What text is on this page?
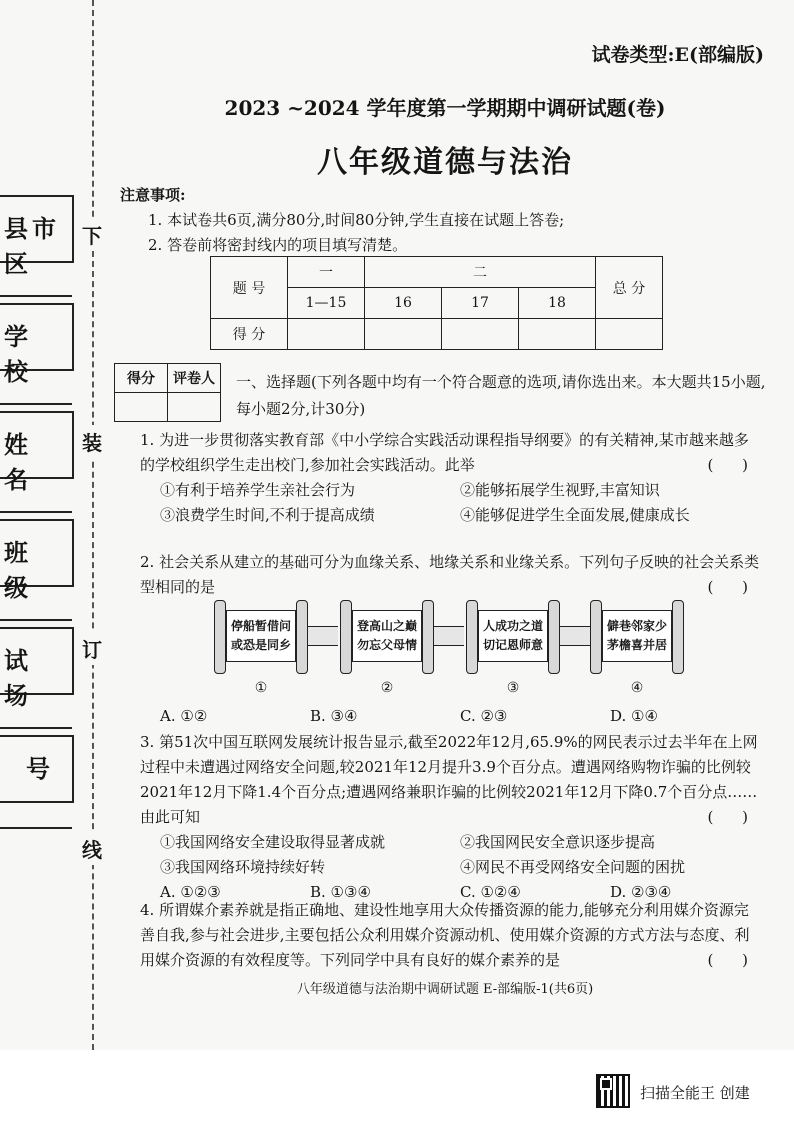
下
装
订
线
县市区
学 校
姓 名
班 级
试 场
号
试卷类型:E(部编版)
2023 ~2024 学年度第一学期期中调研试题(卷)
八年级道德与法治
注意事项:
1. 本试卷共6页,满分80分,时间80分钟,学生直接在试题上答卷;
2. 答卷前将密封线内的项目填写清楚。
题 号	一	二			总 分
	1—15	16	17	18	
得 分					
得分	评卷人
	一、选择题(下列各题中均有一个符合题意的选项,请你选出来。本大题共15小题,每小题2分,计30分)
1. 为进一步贯彻落实教育部《中小学综合实践活动课程指导纲要》的有关精神,某市越来越多的学校组织学生走出校门,参加社会实践活动。此举	( )
①有利于培养学生亲社会行为	②能够拓展学生视野,丰富知识
③浪费学生时间,不利于提高成绩	④能够促进学生全面发展,健康成长
2. 社会关系从建立的基础可分为血缘关系、地缘关系和业缘关系。下列句子反映的社会关系类型相同的是	( )
停船暂借问或恐是同乡
①
登高山之巅勿忘父母情
②
人成功之道切记恩师意
③
僻巷邻家少茅檐喜并居
④
A. ①②	B. ③④	C. ②③	D. ①④
3. 第51次中国互联网发展统计报告显示,截至2022年12月,65.9%的网民表示过去半年在上网过程中未遭遇过网络安全问题,较2021年12月提升3.9个百分点。遭遇网络购物诈骗的比例较2021年12月下降1.4个百分点;遭遇网络兼职诈骗的比例较2021年12月下降0.7个百分点……由此可知	( )
①我国网络安全建设取得显著成就	②我国网民安全意识逐步提高
③我国网络环境持续好转	④网民不再受网络安全问题的困扰
A. ①②③	B. ①③④	C. ①②④	D. ②③④
4. 所谓媒介素养就是指正确地、建设性地享用大众传播资源的能力,能够充分利用媒介资源完善自我,参与社会进步,主要包括公众利用媒介资源动机、使用媒介资源的方式方法与态度、利用媒介资源的有效程度等。下列同学中具有良好的媒介素养的是	( )
八年级道德与法治期中调研试题 E-部编版-1(共6页)
扫描全能王 创建
